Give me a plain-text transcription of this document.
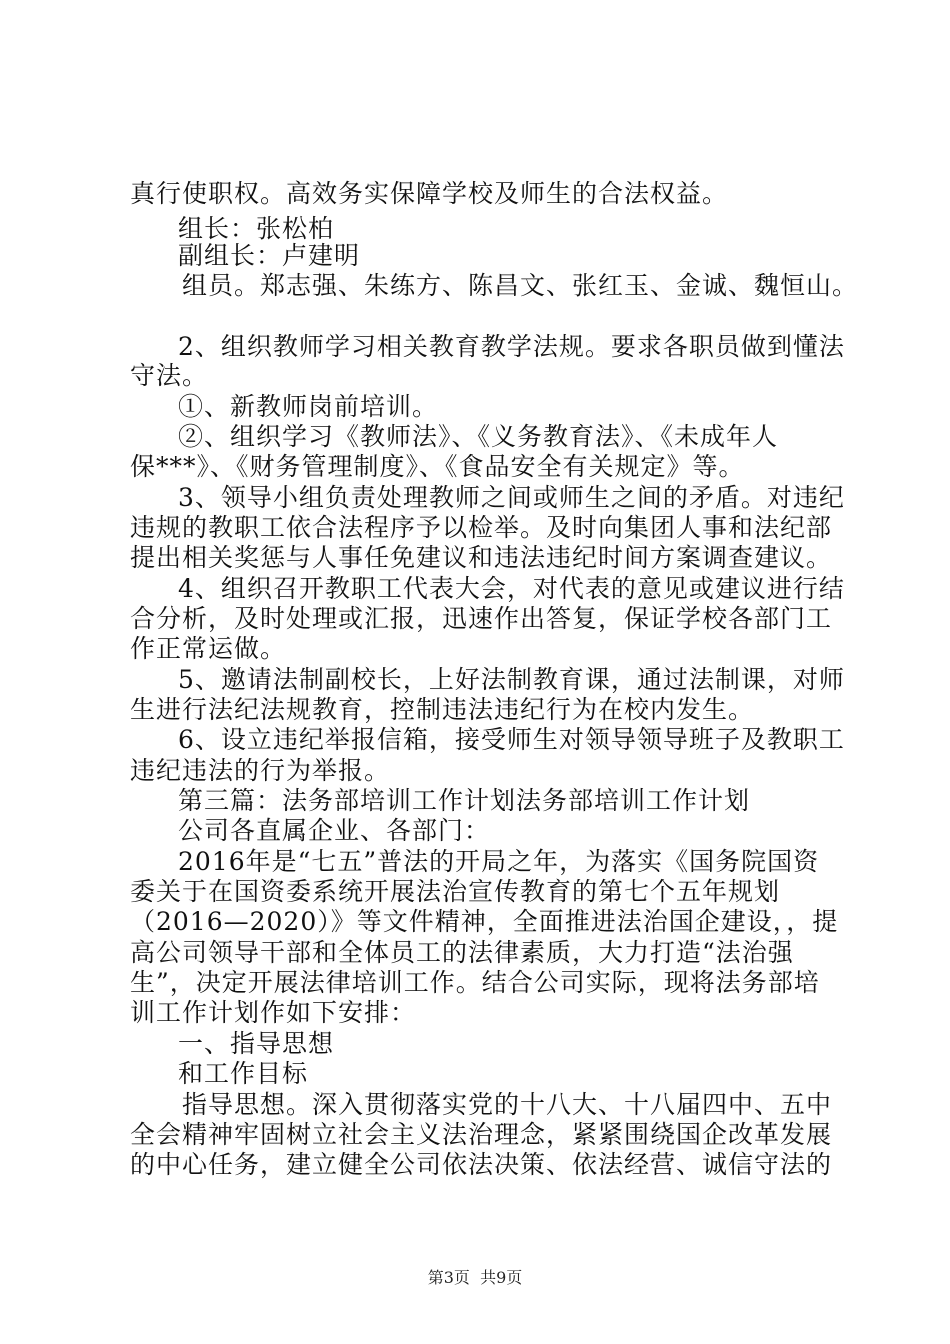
真行使职权。高效务实保障学校及师生的合法权益。
组长：张松柏
副组长：卢建明
组员。郑志强、朱练方、陈昌文、张红玉、金诚、魏恒山。
2、组织教师学习相关教育教学法规。要求各职员做到懂法
守法。
①、新教师岗前培训。
②、组织学习《教师法》、《义务教育法》、《未成年人
保***》、《财务管理制度》、《食品安全有关规定》等。
3、领导小组负责处理教师之间或师生之间的矛盾。对违纪
违规的教职工依合法程序予以检举。及时向集团人事和法纪部
提出相关奖惩与人事任免建议和违法违纪时间方案调查建议。
4、组织召开教职工代表大会，对代表的意见或建议进行结
合分析，及时处理或汇报，迅速作出答复，保证学校各部门工
作正常运做。
5、邀请法制副校长，上好法制教育课，通过法制课，对师
生进行法纪法规教育，控制违法违纪行为在校内发生。
6、设立违纪举报信箱，接受师生对领导领导班子及教职工
违纪违法的行为举报。
第三篇：法务部培训工作计划法务部培训工作计划
公司各直属企业、各部门：
2016年是“七五”普法的开局之年，为落实《国务院国资
委关于在国资委系统开展法治宣传教育的第七个五年规划
（2016—2020）》等文件精神，全面推进法治国企建设，，提
高公司领导干部和全体员工的法律素质，大力打造“法治强
生”，决定开展法律培训工作。结合公司实际，现将法务部培
训工作计划作如下安排：
一、指导思想
和工作目标
指导思想。深入贯彻落实党的十八大、十八届四中、五中
全会精神牢固树立社会主义法治理念，紧紧围绕国企改革发展
的中心任务，建立健全公司依法决策、依法经营、诚信守法的
第3页  共9页
